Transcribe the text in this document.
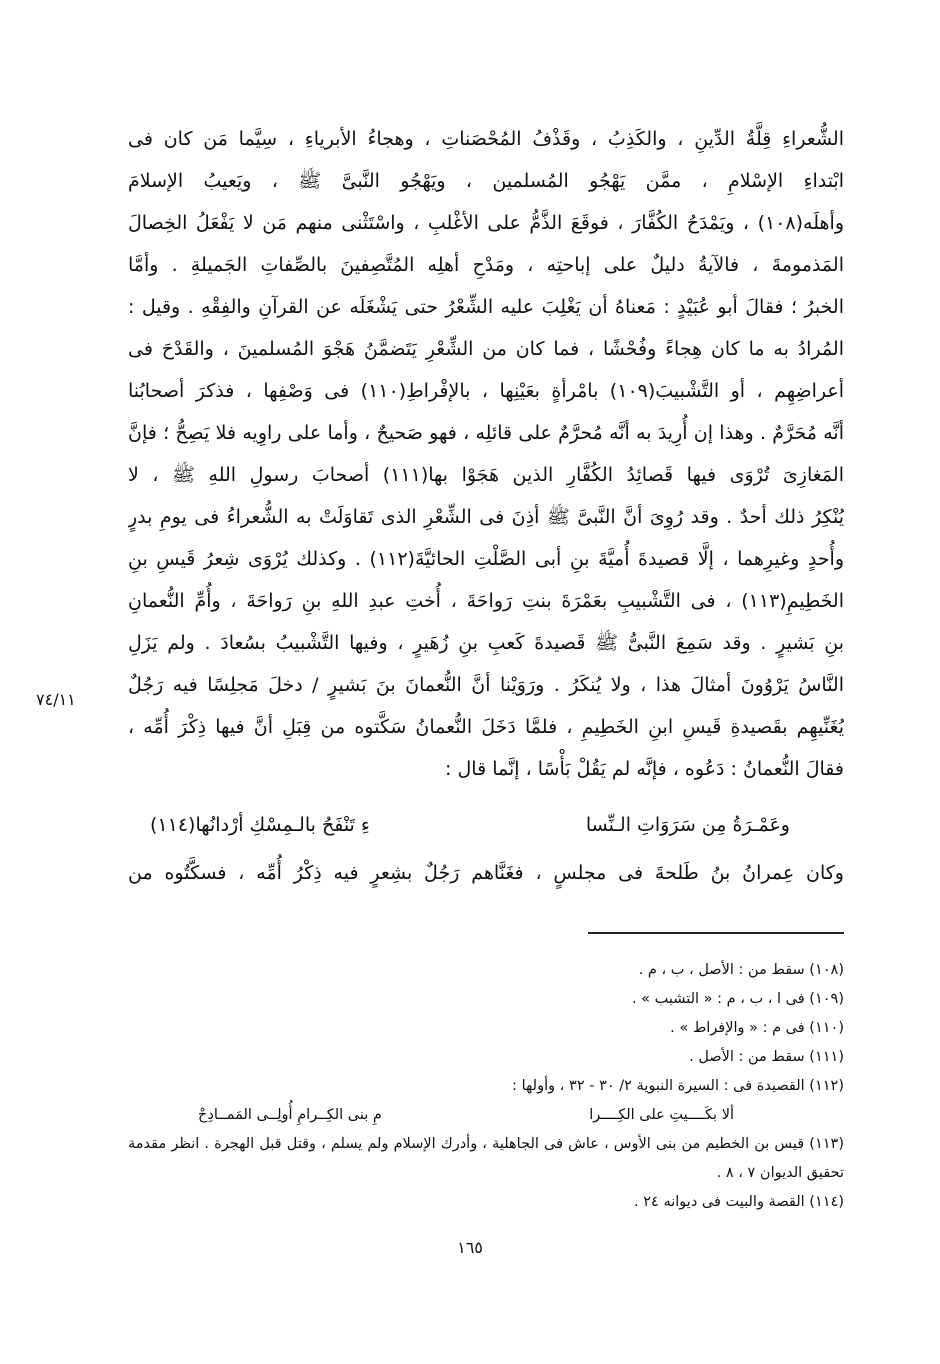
الشُّعراءِ قِلَّةُ الدِّينِ ، والكَذِبُ ، وقَذْفُ المُحْصَناتِ ، وهجاءُ الأبرياءِ ، سِيَّما مَن كان فى
ابْتداءِ الإسْلامِ ، ممَّن يَهْجُو المُسلمين ، ويَهْجُو النَّبىَّ ﷺ ، ويَعيبُ الإسلامَ
وأهلَه(١٠٨) ، ويَمْدَحُ الكُفَّارَ ، فوقَعَ الذَّمُّ على الأغْلبِ ، واسْتَثْنى منهم مَن لا يَفْعَلُ الخِصالَ
المَذمومةَ ، فالآيةُ دليلٌ على إباحتِه ، ومَدْحِ أهلِه المُتَّصِفينَ بالصِّفاتِ الجَميلةِ . وأمَّا
الخبرُ ؛ فقالَ أبو عُبَيْدٍ : مَعناهُ أن يَغْلِبَ عليه الشِّعْرُ حتى يَشْغَلَه عن القرآنِ والفِقْهِ . وقيل :
المُرادُ به ما كان هِجاءً وفُحْشًا ، فما كان من الشِّعْرِ يَتَضمَّنُ هَجْوَ المُسلمينَ ، والقَدْحَ فى
أعراضِهِم ، أو التَّشْبيبَ(١٠٩) بامْرأةٍ بعَيْنِها ، بالإفْراطِ(١١٠) فى وَصْفِها ، فذكرَ أصحابُنا
أنَّه مُحَرَّمٌ . وهذا إن أُرِيدَ به أنَّه مُحرَّمٌ على قائلِه ، فهو صَحيحٌ ، وأما على راوِيه فلا يَصِحُّ ؛ فإنَّ
المَغازِىَ تُرْوَى فيها قَصائِدُ الكُفَّارِ الذين هَجَوْا بها(١١١) أصحابَ رسولِ اللهِ ﷺ ، لا
يُنْكِرُ ذلك أحدٌ . وقد رُوِىَ أنَّ النَّبىَّ ﷺ أذِنَ فى الشِّعْرِ الذى تَقاوَلَتْ به الشُّعراءُ فى يومِ بدرٍ
وأُحدٍ وغيرِهما ، إلَّا قصيدةَ أُميَّةَ بنِ أبى الصَّلْتِ الحائيَّةَ(١١٢) . وكذلك يُرْوَى شِعرُ قَيسِ بنِ
الخَطِيمِ(١١٣) ، فى التَّشْبيبِ بعَمْرَةَ بنتِ رَواحَةَ ، أُختِ عبدِ اللهِ بنِ رَواحَةَ ، وأُمِّ النُّعمانِ
بنِ بَشيرٍ . وقد سَمِعَ النَّبىُّ ﷺ قَصيدةَ كَعبِ بنِ زُهَيرٍ ، وفيها التَّشْبيبُ بسُعادَ . ولم يَزَلِ
النَّاسُ يَرْوُونَ أمثالَ هذا ، ولا يُنكَرُ . ورَوَيْنا أنَّ النُّعمانَ بنَ بَشيرٍ / دخلَ مَجلِسًا فيه رَجُلٌ
يُغَنِّيهِم بقَصيدةِ قَيسِ ابنِ الخَطِيمِ ، فلمَّا دَخَلَ النُّعمانُ سَكَّتوه من قِبَلِ أنَّ فيها ذِكْرَ أُمِّه ،
فقالَ النُّعمانُ : دَعُوه ، فإنَّه لم يَقُلْ بَأْسًا ، إنَّما قال :
٧٤/١١
وعَمْـرَةُ مِن سَرَوَاتِ الـنِّسا
ءِ تَنْفَحُ بالـمِسْكِ أرْدانُها(١١٤)
وكان عِمرانُ بنُ طَلحةَ فى مجلسٍ ، فغَنَّاهم رَجُلٌ بشِعرٍ فيه ذِكْرُ أُمِّه ، فسكَّتُوه من
(١٠٨) سقط من : الأصل ، ب ، م .
(١٠٩) فى ا ، ب ، م : « التشبب » .
(١١٠) فى م : « والإفراط » .
(١١١) سقط من : الأصل .
(١١٢) القصيدة فى : السيرة النبوية ٢/ ٣٠ - ٣٢ ، وأولها :
ألا بكَــــيتِ على الكِــــرا
مِ بنى الكِــرامِ أُولِــى المَمــادِحْ
(١١٣) قيس بن الخطيم من بنى الأوس ، عاش فى الجاهلية ، وأدرك الإسلام ولم يسلم ، وقتل قبل الهجرة . انظر مقدمة
تحقيق الديوان ٧ ، ٨ .
(١١٤) القصة والبيت فى ديوانه ٢٤ .
١٦٥
